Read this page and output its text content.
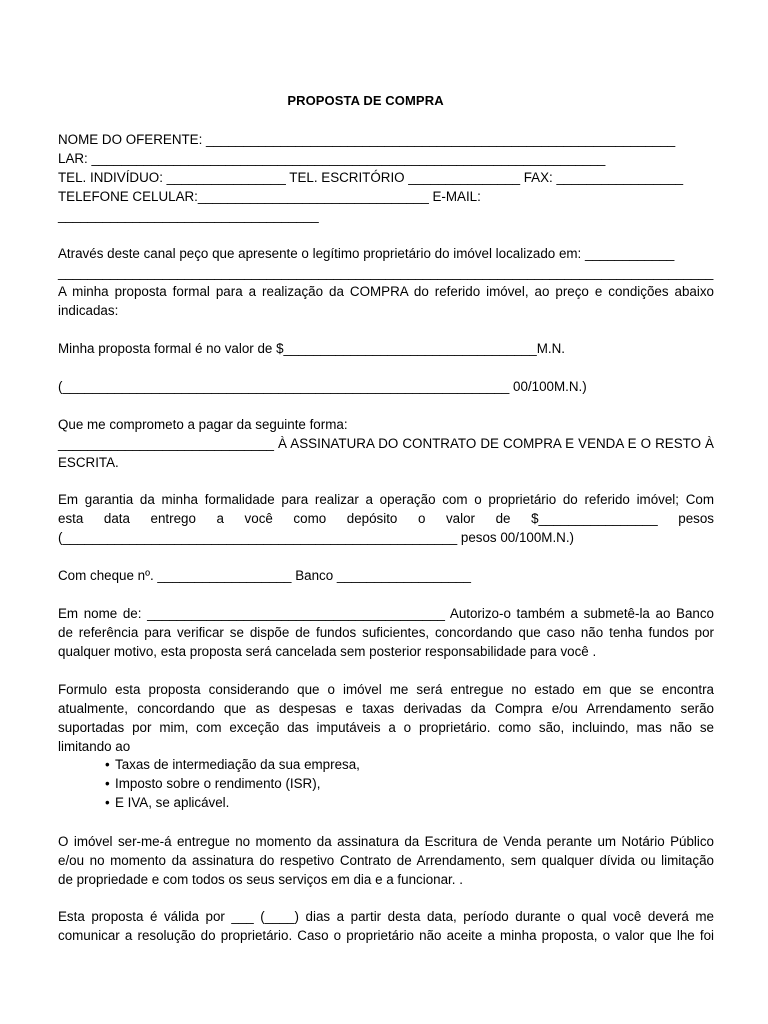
PROPOSTA DE COMPRA
NOME DO OFERENTE: _______________________________________________________________
LAR: _____________________________________________________________________
TEL. INDIVÍDUO: ________________ TEL. ESCRITÓRIO _______________ FAX: _________________
TELEFONE CELULAR:_______________________________ E-MAIL:
___________________________________
Através deste canal peço que apresente o legítimo proprietário do imóvel localizado em: ____________
________________________________________________________________________________________
A minha proposta formal para a realização da COMPRA do referido imóvel, ao preço e condições abaixo
indicadas:
Minha proposta formal é no valor de $__________________________________M.N.
(____________________________________________________________ 00/100M.N.)
Que me comprometo a pagar da seguinte forma:
_____________________________ À ASSINATURA DO CONTRATO DE COMPRA E VENDA E O RESTO À
ESCRITA.
Em garantia da minha formalidade para realizar a operação com o proprietário do referido imóvel; Com
esta data entrego a você como depósito o valor de $________________ pesos
(_____________________________________________________ pesos 00/100M.N.)
Com cheque nº. __________________ Banco __________________
Em nome de: ________________________________________ Autorizo-o também a submetê-la ao Banco
de referência para verificar se dispõe de fundos suficientes, concordando que caso não tenha fundos por
qualquer motivo, esta proposta será cancelada sem posterior responsabilidade para você .
Formulo esta proposta considerando que o imóvel me será entregue no estado em que se encontra
atualmente, concordando que as despesas e taxas derivadas da Compra e/ou Arrendamento serão
suportadas por mim, com exceção das imputáveis a o proprietário. como são, incluindo, mas não se
limitando ao
• Taxas de intermediação da sua empresa,
• Imposto sobre o rendimento (ISR),
• E IVA, se aplicável.
O imóvel ser-me-á entregue no momento da assinatura da Escritura de Venda perante um Notário Público
e/ou no momento da assinatura do respetivo Contrato de Arrendamento, sem qualquer dívida ou limitação
de propriedade e com todos os seus serviços em dia e a funcionar. .
Esta proposta é válida por ___ (____) dias a partir desta data, período durante o qual você deverá me
comunicar a resolução do proprietário. Caso o proprietário não aceite a minha proposta, o valor que lhe foi
